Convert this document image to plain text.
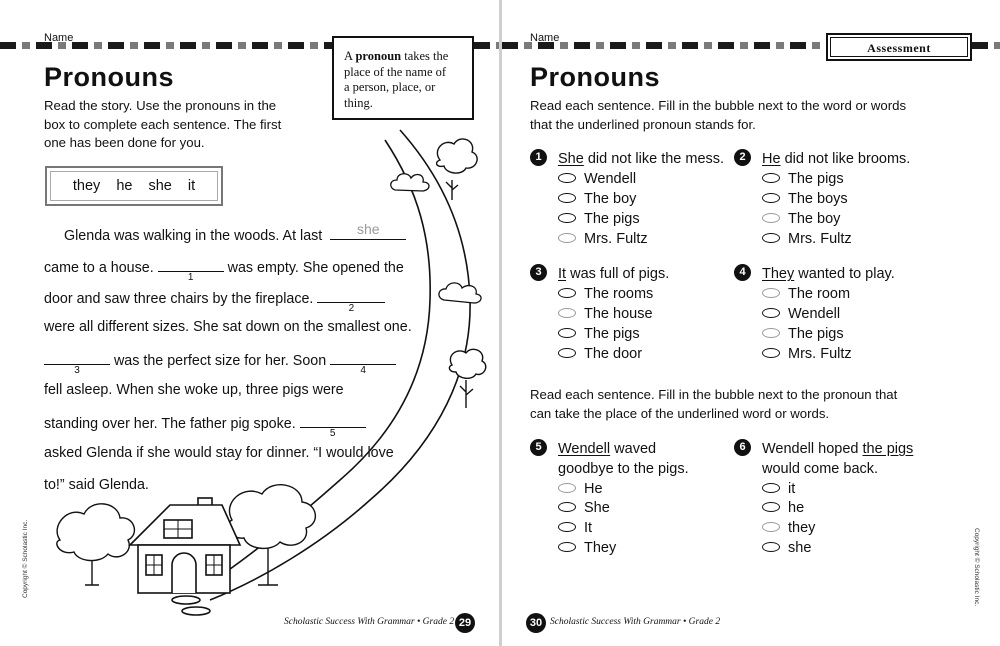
Name
A pronoun takes the
place of the name of
a person, place, or
thing.
Pronouns
Read the story. Use the pronouns in the
box to complete each sentence. The first
one has been done for you.
they he she it
Glenda was walking in the woods. At last	she
came to a house.
1
was empty. She opened the
door and saw three chairs by the fireplace.
2
were all different sizes. She sat down on the smallest one.
3
was the perfect size for her. Soon
4
fell asleep. When she woke up, three pigs were
standing over her. The father pig spoke.
5
asked Glenda if she would stay for dinner. “I would love
to!” said Glenda.
Scholastic Success With Grammar • Grade 2 29
Copyright © Scholastic Inc.
Name
Assessment
Pronouns
Read each sentence. Fill in the bubble next to the word or words
that the underlined pronoun stands for.
1	She did not like the mess.
Wendell
The boy
The pigs
Mrs. Fultz
2	He did not like brooms.
The pigs
The boys
The boy
Mrs. Fultz
3	It was full of pigs.
The rooms
The house
The pigs
The door
4	They wanted to play.
The room
Wendell
The pigs
Mrs. Fultz
Read each sentence. Fill in the bubble next to the pronoun that
can take the place of the underlined word or words.
5	Wendell waved
goodbye to the pigs.
He
She
It
They
6	Wendell hoped the pigs
would come back.
it
he
they
she
30 Scholastic Success With Grammar • Grade 2
Copyright © Scholastic Inc.
